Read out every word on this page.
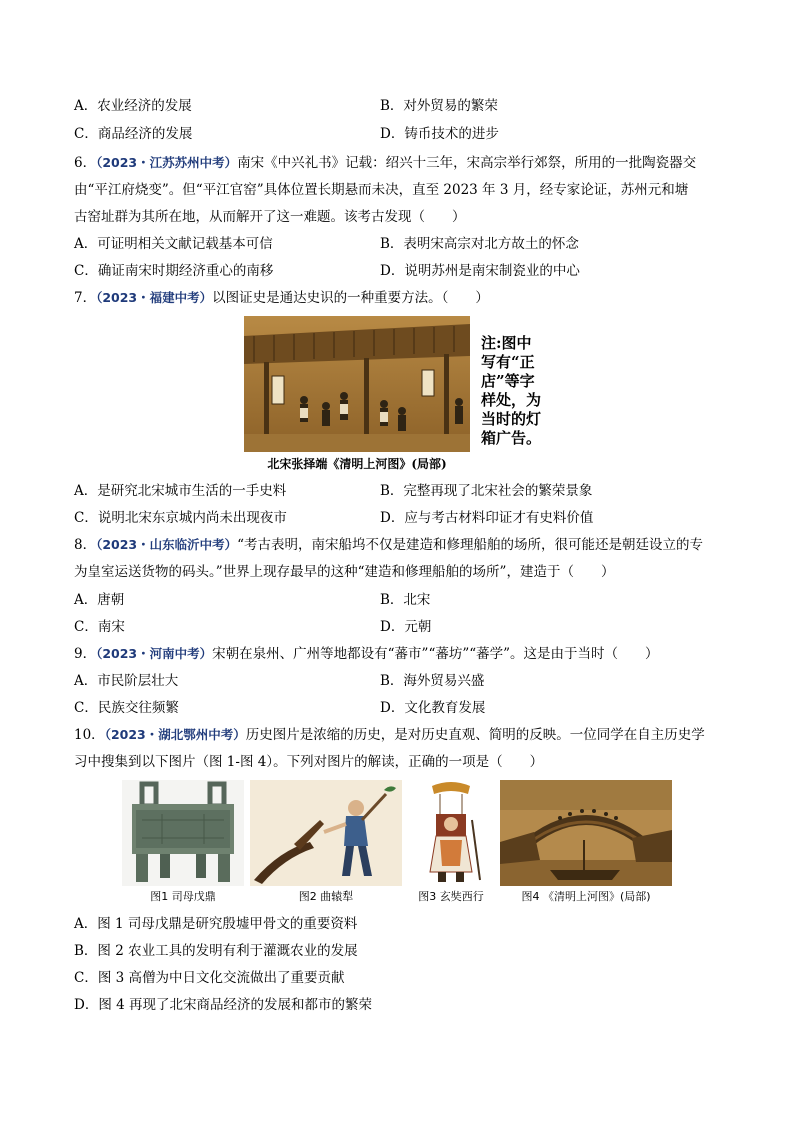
A．农业经济的发展	B．对外贸易的繁荣
C．商品经济的发展	D．铸币技术的进步
6．（2023・江苏苏州中考）南宋《中兴礼书》记载：绍兴十三年，宋高宗举行郊祭，所用的一批陶瓷器交
由“平江府烧变”。但“平江官窑”具体位置长期悬而未决，直至 2023 年 3 月，经专家论证，苏州元和塘
古窑址群为其所在地，从而解开了这一难题。该考古发现（　　）
A．可证明相关文献记载基本可信	B．表明宋高宗对北方故土的怀念
C．确证南宋时期经济重心的南移	D．说明苏州是南宋制瓷业的中心
7．（2023・福建中考）以图证史是通达史识的一种重要方法。（　　）
注:图中
写有“正
店”等字
样处，为
当时的灯
箱广告。
北宋张择端《清明上河图》(局部)
A．是研究北宋城市生活的一手史料	B．完整再现了北宋社会的繁荣景象
C．说明北宋东京城内尚未出现夜市	D．应与考古材料印证才有史料价值
8．（2023・山东临沂中考）“考古表明，南宋船坞不仅是建造和修理船舶的场所，很可能还是朝廷设立的专
为皇室运送货物的码头。”世界上现存最早的这种“建造和修理船舶的场所”，建造于（　　）
A．唐朝	B．北宋
C．南宋	D．元朝
9．（2023・河南中考）宋朝在泉州、广州等地都设有“蕃市”“蕃坊”“蕃学”。这是由于当时（　　）
A．市民阶层壮大	B．海外贸易兴盛
C．民族交往频繁	D．文化教育发展
10．（2023・湖北鄂州中考）历史图片是浓缩的历史，是对历史直观、简明的反映。一位同学在自主历史学
习中搜集到以下图片（图 1-图 4）。下列对图片的解读，正确的一项是（　　）
图1 司母戊鼎	图2 曲辕犁	图3 玄奘西行	图4 《清明上河图》(局部)
A．图 1 司母戊鼎是研究殷墟甲骨文的重要资料
B．图 2 农业工具的发明有利于灌溉农业的发展
C．图 3 高僧为中日文化交流做出了重要贡献
D．图 4 再现了北宋商品经济的发展和都市的繁荣
